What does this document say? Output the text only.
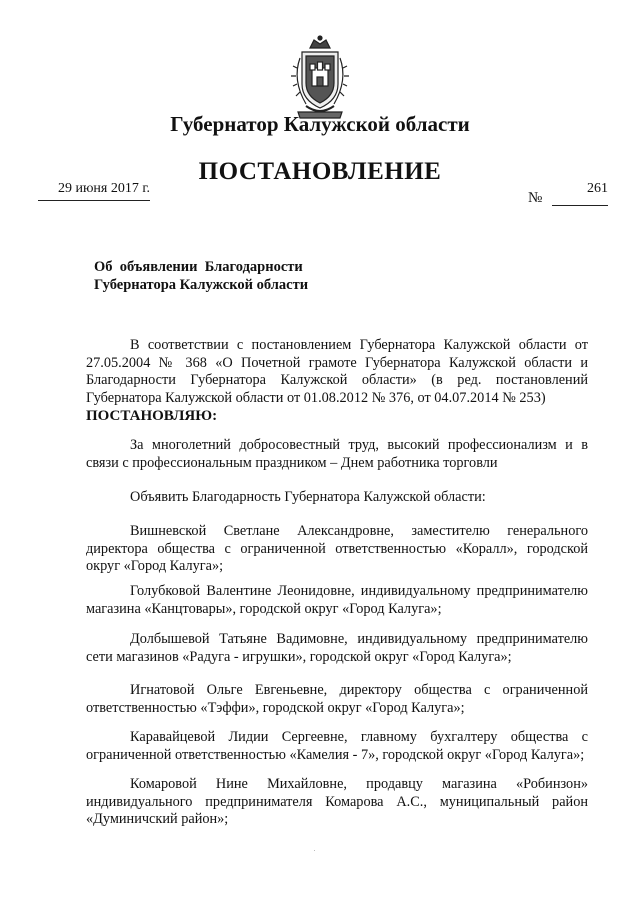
Губернатор Калужской области
ПОСТАНОВЛЕНИЕ
29 июня 2017 г.
№
261
Об  объявлении  Благодарности
Губернатора Калужской области

В соответствии с постановлением Губернатора Калужской области от 27.05.2004 № 368 «О Почетной грамоте Губернатора Калужской области и Благодарности Губернатора Калужской области» (в ред. постановлений Губернатора Калужской области от 01.08.2012 № 376, от 04.07.2014 № 253)

ПОСТАНОВЛЯЮ:

За многолетний добросовестный труд, высокий профессионализм и в связи с профессиональным праздником – Днем работника торговли

Объявить Благодарность Губернатора Калужской области:

Вишневской Светлане Александровне, заместителю генерального директора общества с ограниченной ответственностью «Коралл», городской округ «Город Калуга»;

Голубковой Валентине Леонидовне, индивидуальному предпринимателю магазина «Канцтовары», городской округ «Город Калуга»;

Долбышевой Татьяне Вадимовне, индивидуальному предпринимателю сети магазинов «Радуга - игрушки», городской округ «Город Калуга»;

Игнатовой Ольге Евгеньевне, директору общества с ограниченной ответственностью «Тэффи», городской округ «Город Калуга»;

Каравайцевой Лидии Сергеевне, главному бухгалтеру общества с ограниченной ответственностью «Камелия - 7», городской округ «Город Калуга»;

Комаровой Нине Михайловне, продавцу магазина «Робинзон» индивидуального предпринимателя Комарова А.С., муниципальный район «Думиничский район»;
